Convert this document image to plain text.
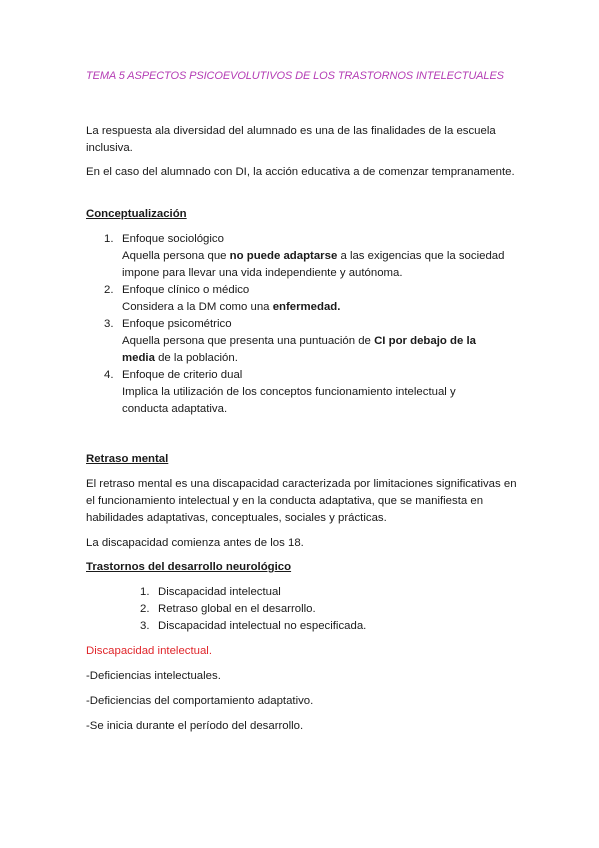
TEMA 5 ASPECTOS PSICOEVOLUTIVOS DE LOS TRASTORNOS INTELECTUALES
La respuesta ala diversidad del alumnado es una de las finalidades de la escuela inclusiva.
En el caso del alumnado con DI, la acción educativa a de comenzar tempranamente.
Conceptualización
1. Enfoque sociológico
Aquella persona que no puede adaptarse a las exigencias que la sociedad impone para llevar una vida independiente y autónoma.
2. Enfoque clínico o médico
Considera a la DM como una enfermedad.
3. Enfoque psicométrico
Aquella persona que presenta una puntuación de CI por debajo de la media de la población.
4. Enfoque de criterio dual
Implica la utilización de los conceptos funcionamiento intelectual y conducta adaptativa.
Retraso mental
El retraso mental es una discapacidad caracterizada por limitaciones significativas en el funcionamiento intelectual y en la conducta adaptativa, que se manifiesta en habilidades adaptativas, conceptuales, sociales y prácticas.
La discapacidad comienza antes de los 18.
Trastornos del desarrollo neurológico
1. Discapacidad intelectual
2. Retraso global en el desarrollo.
3. Discapacidad intelectual no especificada.
Discapacidad intelectual.
-Deficiencias intelectuales.
-Deficiencias del comportamiento adaptativo.
-Se inicia durante el período del desarrollo.
